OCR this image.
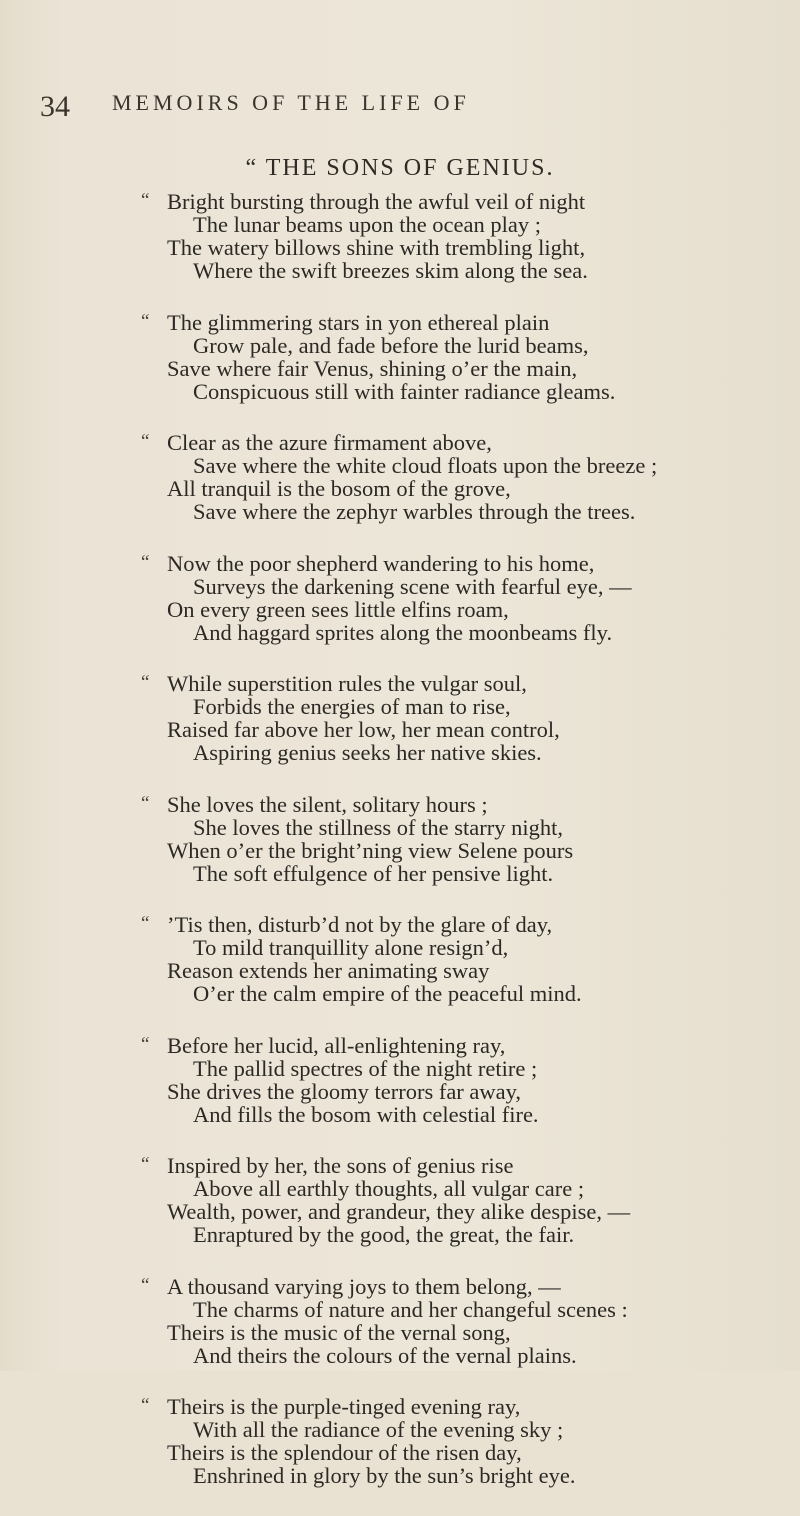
34 MEMOIRS OF THE LIFE OF
“ THE SONS OF GENIUS.
“ Bright bursting through the awful veil of night
The lunar beams upon the ocean play ;
The watery billows shine with trembling light,
Where the swift breezes skim along the sea.
“ The glimmering stars in yon ethereal plain
Grow pale, and fade before the lurid beams,
Save where fair Venus, shining o’er the main,
Conspicuous still with fainter radiance gleams.
“ Clear as the azure firmament above,
Save where the white cloud floats upon the breeze ;
All tranquil is the bosom of the grove,
Save where the zephyr warbles through the trees.
“ Now the poor shepherd wandering to his home,
Surveys the darkening scene with fearful eye, —
On every green sees little elfins roam,
And haggard sprites along the moonbeams fly.
“ While superstition rules the vulgar soul,
Forbids the energies of man to rise,
Raised far above her low, her mean control,
Aspiring genius seeks her native skies.
“ She loves the silent, solitary hours ;
She loves the stillness of the starry night,
When o’er the bright’ning view Selene pours
The soft effulgence of her pensive light.
“ ’Tis then, disturb’d not by the glare of day,
To mild tranquillity alone resign’d,
Reason extends her animating sway
O’er the calm empire of the peaceful mind.
“ Before her lucid, all-enlightening ray,
The pallid spectres of the night retire ;
She drives the gloomy terrors far away,
And fills the bosom with celestial fire.
“ Inspired by her, the sons of genius rise
Above all earthly thoughts, all vulgar care ;
Wealth, power, and grandeur, they alike despise, —
Enraptured by the good, the great, the fair.
“ A thousand varying joys to them belong, —
The charms of nature and her changeful scenes :
Theirs is the music of the vernal song,
And theirs the colours of the vernal plains.
“ Theirs is the purple-tinged evening ray,
With all the radiance of the evening sky ;
Theirs is the splendour of the risen day,
Enshrined in glory by the sun’s bright eye.
